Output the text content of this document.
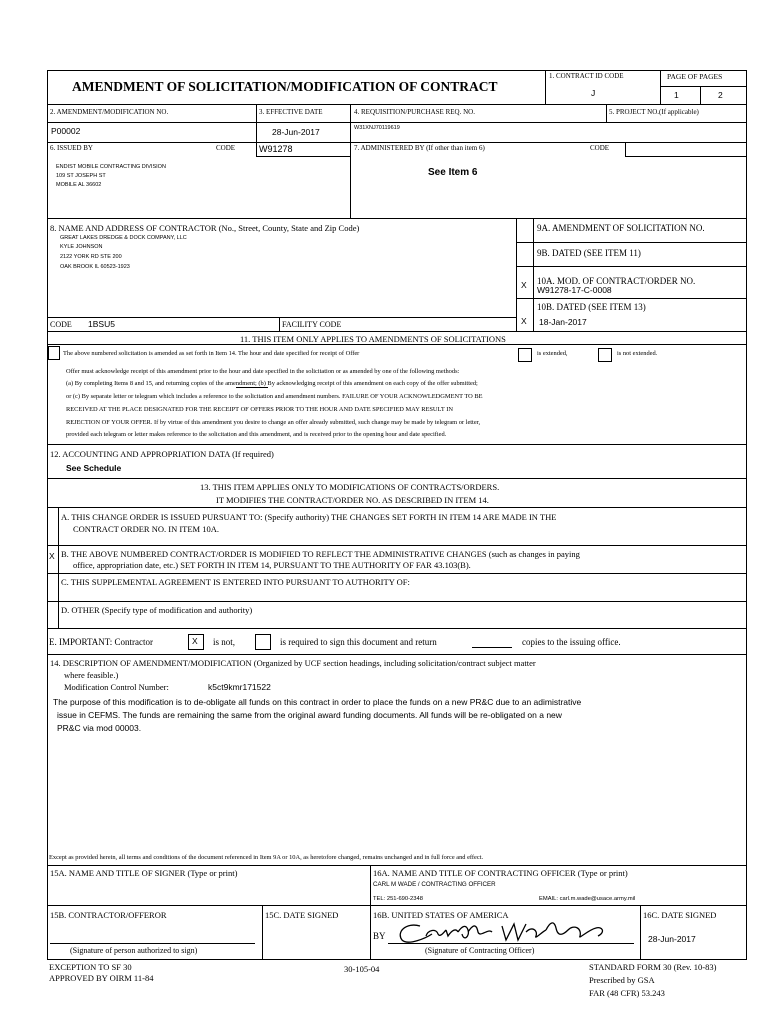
AMENDMENT OF SOLICITATION/MODIFICATION OF CONTRACT
1. CONTRACT ID CODE
J
PAGE OF PAGES
1	2
2. AMENDMENT/MODIFICATION NO.
P00002
3. EFFECTIVE DATE
28-Jun-2017
4. REQUISITION/PURCHASE REQ. NO.
W31XNJ70119619
5. PROJECT NO.(If applicable)
6. ISSUED BY	CODE	W91278	7. ADMINISTERED BY (If other than item 6)	CODE
ENDIST MOBILE CONTRACTING DIVISION
109 ST JOSEPH ST
MOBILE AL 36602
See Item 6
8. NAME AND ADDRESS OF CONTRACTOR (No., Street, County, State and Zip Code)
GREAT LAKES DREDGE & DOCK COMPANY, LLC
KYLE JOHNSON
2122 YORK RD STE 200
OAK BROOK IL 60523-1923
CODE 1BSU5	FACILITY CODE
9A. AMENDMENT OF SOLICITATION NO.
9B. DATED (SEE ITEM 11)
X 10A. MOD. OF CONTRACT/ORDER NO.
W91278-17-C-0008
10B. DATED (SEE ITEM 13)
X 18-Jan-2017
11. THIS ITEM ONLY APPLIES TO AMENDMENTS OF SOLICITATIONS
The above numbered solicitation is amended as set forth in Item 14. The hour and date specified for receipt of Offer	is extended,	is not extended.
Offer must acknowledge receipt of this amendment prior to the hour and date specified in the solicitation or as amended by one of the following methods:
(a) By completing Items 8 and 15, and returning copies of the amendment; (b) By acknowledging receipt of this amendment on each copy of the offer submitted;
or (c) By separate letter or telegram which includes a reference to the solicitation and amendment numbers. FAILURE OF YOUR ACKNOWLEDGMENT TO BE
RECEIVED AT THE PLACE DESIGNATED FOR THE RECEIPT OF OFFERS PRIOR TO THE HOUR AND DATE SPECIFIED MAY RESULT IN
REJECTION OF YOUR OFFER. If by virtue of this amendment you desire to change an offer already submitted, such change may be made by telegram or letter,
provided each telegram or letter makes reference to the solicitation and this amendment, and is received prior to the opening hour and date specified.
12. ACCOUNTING AND APPROPRIATION DATA (If required)
See Schedule
13. THIS ITEM APPLIES ONLY TO MODIFICATIONS OF CONTRACTS/ORDERS.
IT MODIFIES THE CONTRACT/ORDER NO. AS DESCRIBED IN ITEM 14.
A. THIS CHANGE ORDER IS ISSUED PURSUANT TO: (Specify authority) THE CHANGES SET FORTH IN ITEM 14 ARE MADE IN THE
CONTRACT ORDER NO. IN ITEM 10A.
X B. THE ABOVE NUMBERED CONTRACT/ORDER IS MODIFIED TO REFLECT THE ADMINISTRATIVE CHANGES (such as changes in paying
office, appropriation date, etc.) SET FORTH IN ITEM 14, PURSUANT TO THE AUTHORITY OF FAR 43.103(B).
C. THIS SUPPLEMENTAL AGREEMENT IS ENTERED INTO PURSUANT TO AUTHORITY OF:
D. OTHER (Specify type of modification and authority)
E. IMPORTANT: Contractor	X is not,	is required to sign this document and return	copies to the issuing office.
14. DESCRIPTION OF AMENDMENT/MODIFICATION (Organized by UCF section headings, including solicitation/contract subject matter
where feasible.)
Modification Control Number:	k5ct9kmr171522
The purpose of this modification is to de-obligate all funds on this contract in order to place the funds on a new PR&C due to an adimistrative
issue in CEFMS. The funds are remaining the same from the original award funding documents. All funds will be re-obligated on a new
PR&C via mod 00003.
Except as provided herein, all terms and conditions of the document referenced in Item 9A or 10A, as heretofore changed, remains unchanged and in full force and effect.
15A. NAME AND TITLE OF SIGNER (Type or print)	16A. NAME AND TITLE OF CONTRACTING OFFICER (Type or print)
CARL M WADE / CONTRACTING OFFICER
TEL: 251-690-2348	EMAIL: carl.m.wade@usace.army.mil
15B. CONTRACTOR/OFFEROR
(Signature of person authorized to sign)
15C. DATE SIGNED	16B. UNITED STATES OF AMERICA
BY
(Signature of Contracting Officer)
16C. DATE SIGNED
28-Jun-2017
EXCEPTION TO SF 30
APPROVED BY OIRM 11-84
30-105-04	STANDARD FORM 30 (Rev. 10-83)
Prescribed by GSA
FAR (48 CFR) 53.243
